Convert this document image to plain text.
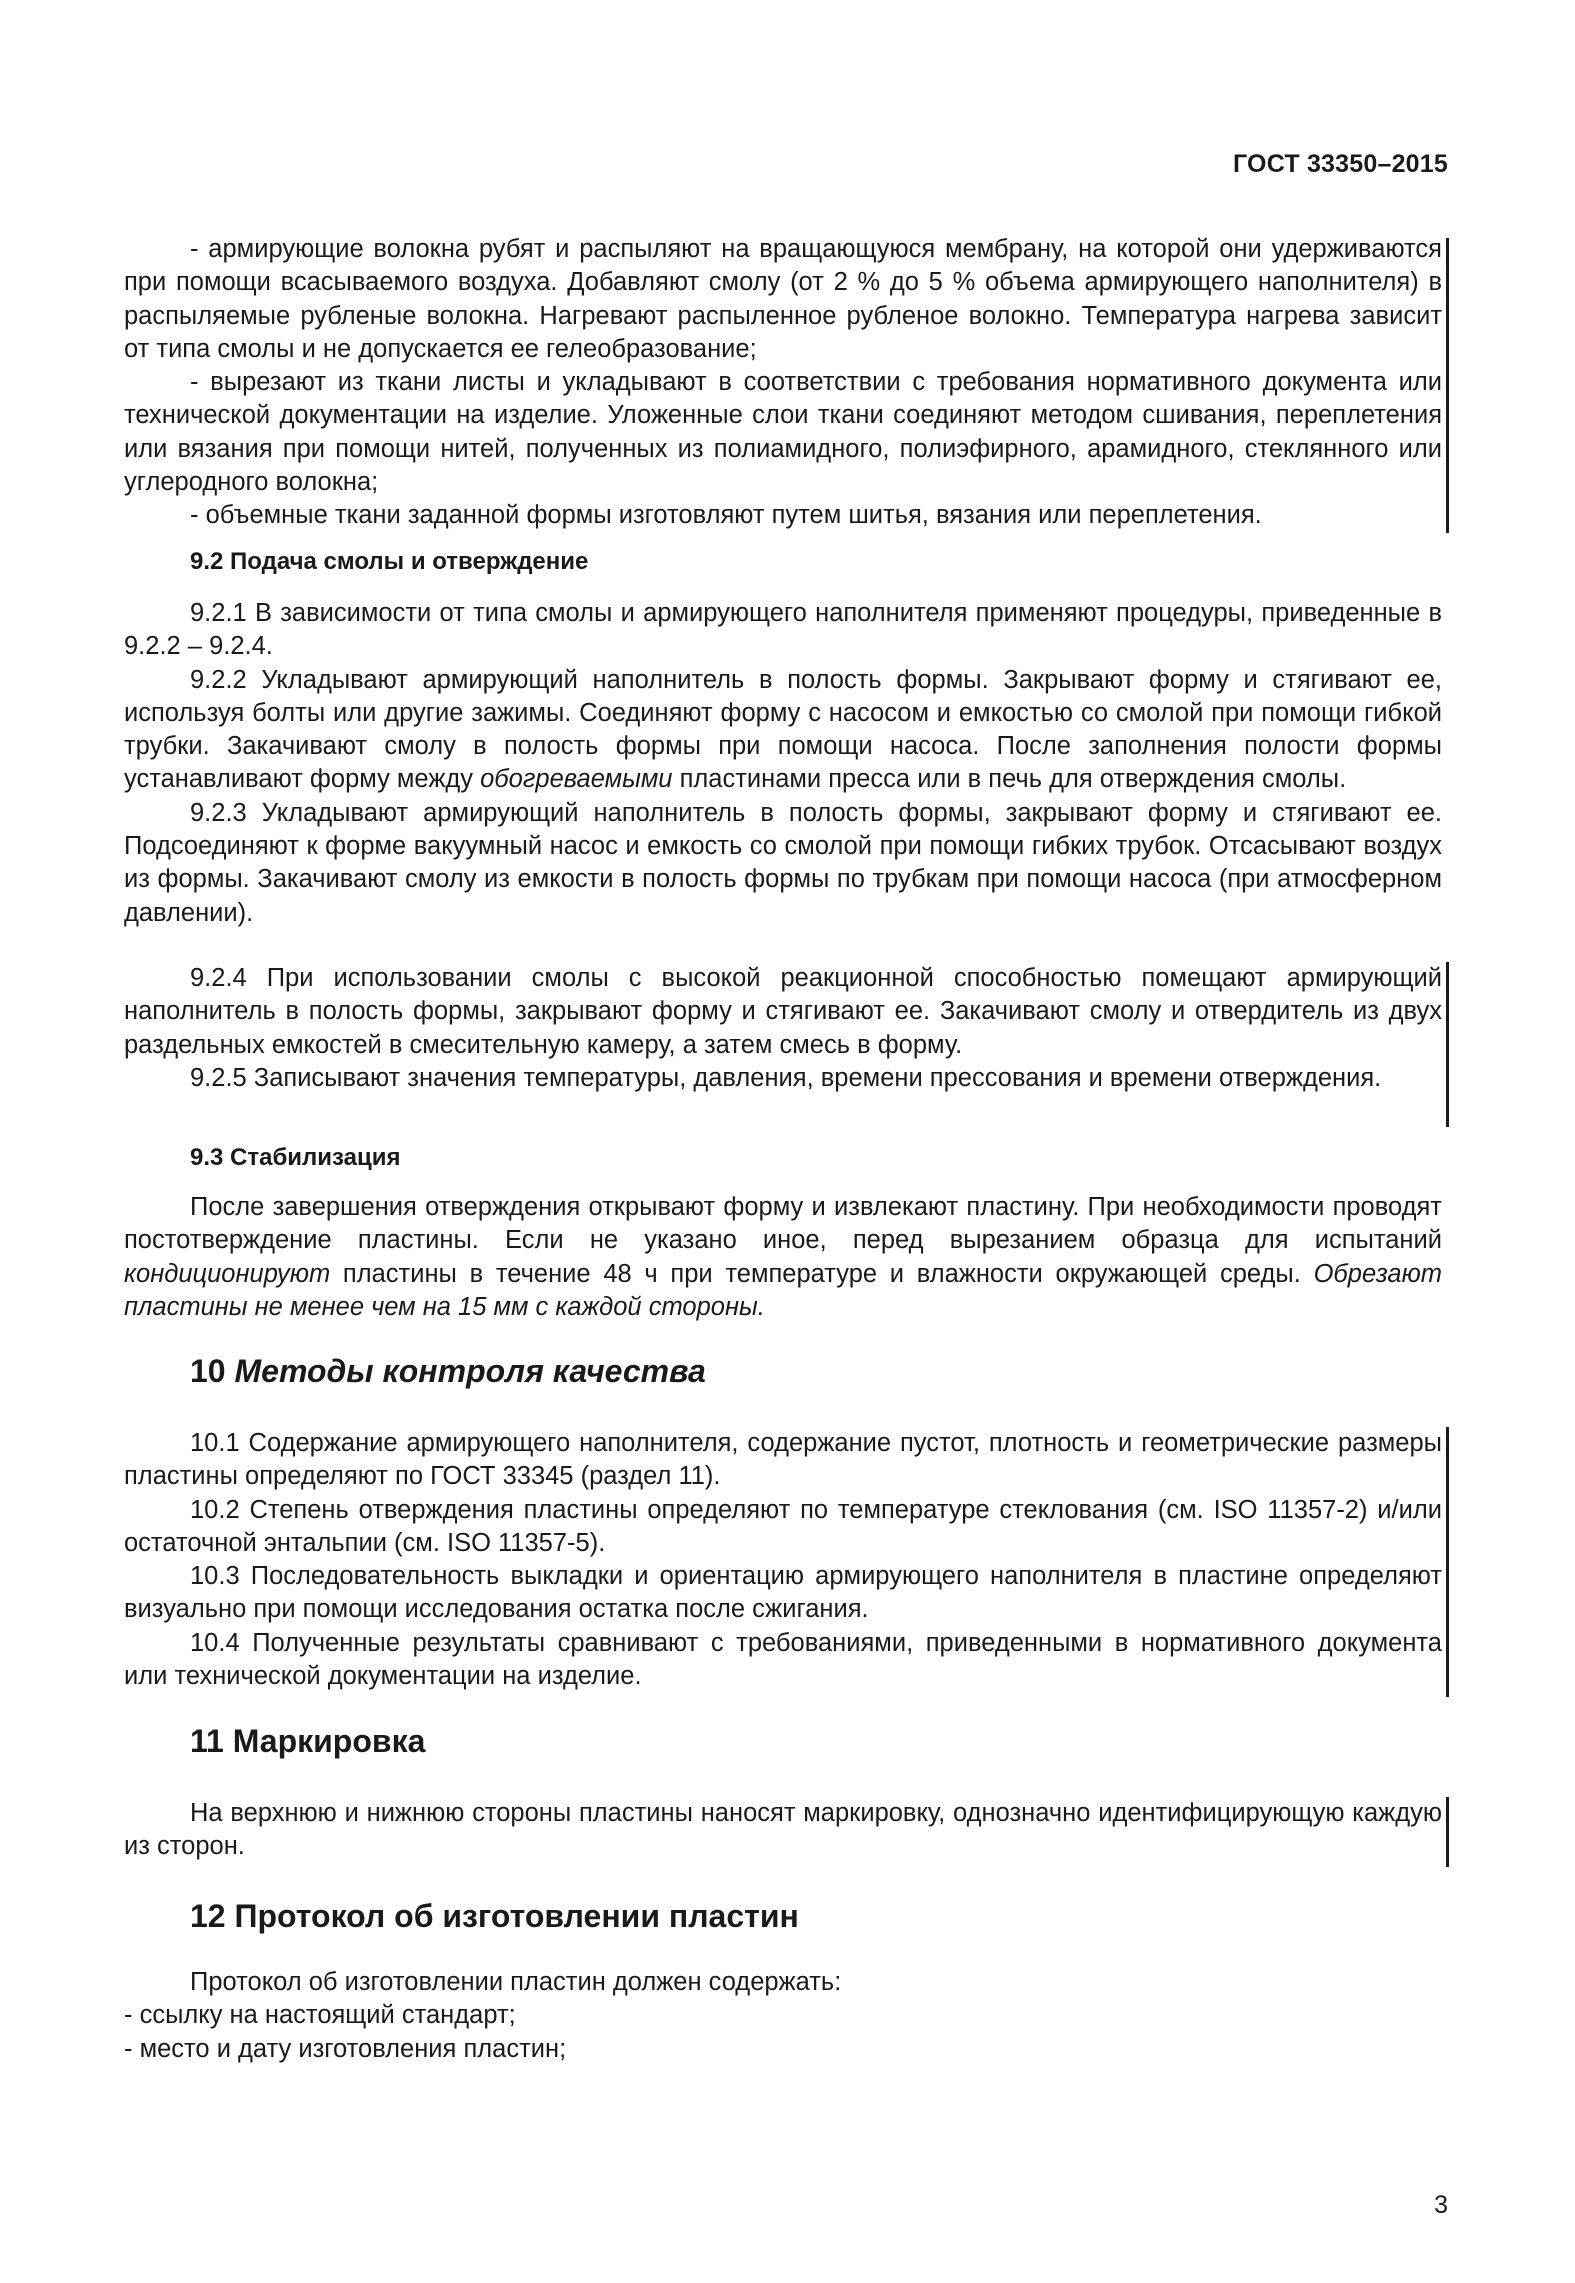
ГОСТ 33350–2015

- армирующие волокна рубят и распыляют на вращающуюся мембрану, на которой они удерживаются при помощи всасываемого воздуха. Добавляют смолу (от 2 % до 5 % объема армирующего наполнителя) в распыляемые рубленые волокна. Нагревают распыленное рубленое волокно. Температура нагрева зависит от типа смолы и не допускается ее гелеобразование;

- вырезают из ткани листы и укладывают в соответствии с требования нормативного документа или технической документации на изделие. Уложенные слои ткани соединяют методом сшивания, переплетения или вязания при помощи нитей, полученных из полиамидного, полиэфирного, арамидного, стеклянного или углеродного волокна;

- объемные ткани заданной формы изготовляют путем шитья, вязания или переплетения.

9.2 Подача смолы и отверждение

9.2.1 В зависимости от типа смолы и армирующего наполнителя применяют процедуры, приведенные в 9.2.2 – 9.2.4.

9.2.2 Укладывают армирующий наполнитель в полость формы. Закрывают форму и стягивают ее, используя болты или другие зажимы. Соединяют форму с насосом и емкостью со смолой при помощи гибкой трубки. Закачивают смолу в полость формы при помощи насоса. После заполнения полости формы устанавливают форму между обогреваемыми пластинами пресса или в печь для отверждения смолы.

9.2.3 Укладывают армирующий наполнитель в полость формы, закрывают форму и стягивают ее. Подсоединяют к форме вакуумный насос и емкость со смолой при помощи гибких трубок. Отсасывают воздух из формы. Закачивают смолу из емкости в полость формы по трубкам при помощи насоса (при атмосферном давлении).

9.2.4 При использовании смолы с высокой реакционной способностью помещают армирующий наполнитель в полость формы, закрывают форму и стягивают ее. Закачивают смолу и отвердитель из двух раздельных емкостей в смесительную камеру, а затем смесь в форму.

9.2.5 Записывают значения температуры, давления, времени прессования и времени отверждения.

9.3 Стабилизация

После завершения отверждения открывают форму и извлекают пластину. При необходимости проводят постотверждение пластины. Если не указано иное, перед вырезанием образца для испытаний кондиционируют пластины в течение 48 ч при температуре и влажности окружающей среды. Обрезают пластины не менее чем на 15 мм с каждой стороны.

10 Методы контроля качества

10.1 Содержание армирующего наполнителя, содержание пустот, плотность и геометрические размеры пластины определяют по ГОСТ 33345 (раздел 11).

10.2 Степень отверждения пластины определяют по температуре стеклования (см. ISO 11357-2) и/или остаточной энтальпии (см. ISO 11357-5).

10.3 Последовательность выкладки и ориентацию армирующего наполнителя в пластине определяют визуально при помощи исследования остатка после сжигания.

10.4 Полученные результаты сравнивают с требованиями, приведенными в нормативного документа или технической документации на изделие.

11 Маркировка

На верхнюю и нижнюю стороны пластины наносят маркировку, однозначно идентифицирующую каждую из сторон.

12 Протокол об изготовлении пластин

Протокол об изготовлении пластин должен содержать:

- ссылку на настоящий стандарт;

- место и дату изготовления пластин;

3
